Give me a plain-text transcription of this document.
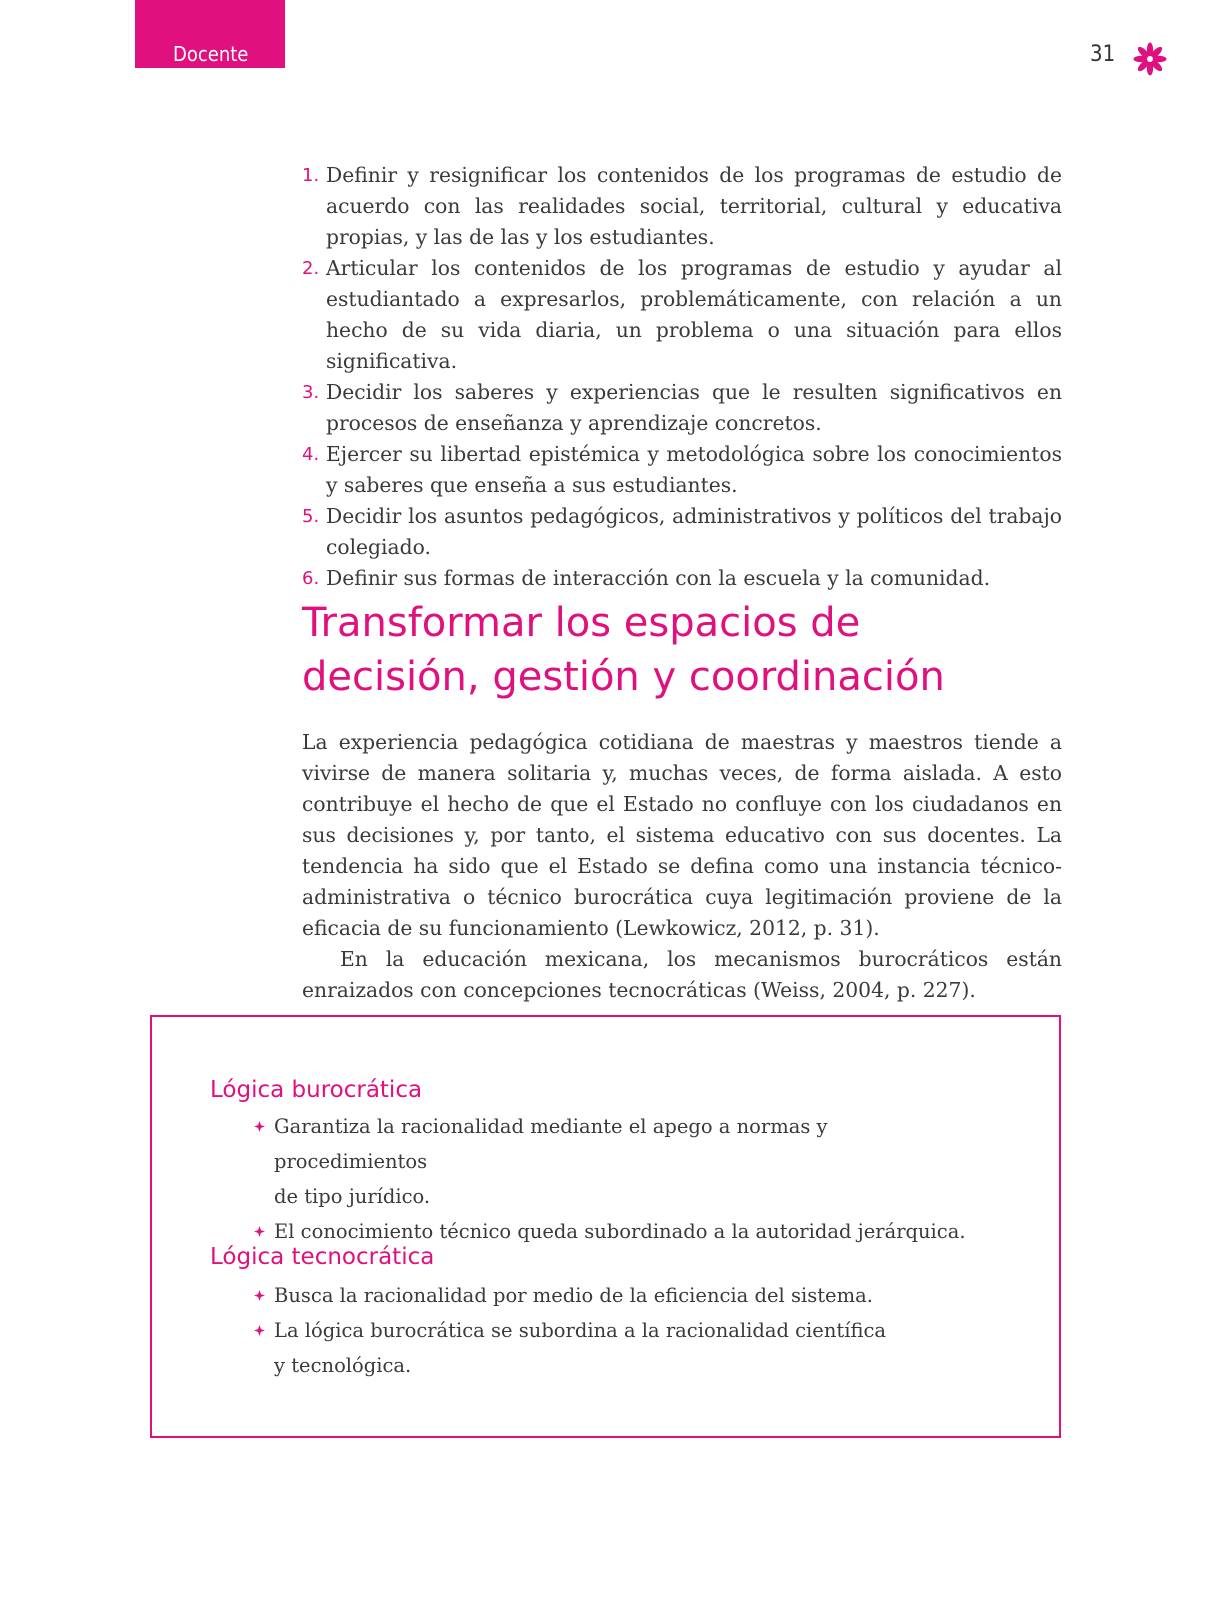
Docente	31
1. Definir y resignificar los contenidos de los programas de estudio de acuerdo con las realidades social, territorial, cultural y educativa propias, y las de las y los estudiantes.
2. Articular los contenidos de los programas de estudio y ayudar al estudiantado a expresarlos, problemáticamente, con relación a un hecho de su vida diaria, un problema o una situación para ellos significativa.
3. Decidir los saberes y experiencias que le resulten significativos en procesos de enseñanza y aprendizaje concretos.
4. Ejercer su libertad epistémica y metodológica sobre los conocimientos y saberes que enseña a sus estudiantes.
5. Decidir los asuntos pedagógicos, administrativos y políticos del trabajo colegiado.
6. Definir sus formas de interacción con la escuela y la comunidad.
Transformar los espacios de
decisión, gestión y coordinación

La experiencia pedagógica cotidiana de maestras y maestros tiende a vivirse de manera solitaria y, muchas veces, de forma aislada. A esto contribuye el hecho de que el Estado no confluye con los ciudadanos en sus decisiones y, por tanto, el sistema educativo con sus docentes. La tendencia ha sido que el Estado se defina como una instancia técnico-administrativa o técnico burocrática cuya legitimación proviene de la eficacia de su funcionamiento (Lewkowicz, 2012, p. 31).

En la educación mexicana, los mecanismos burocráticos están enraizados con concepciones tecnocráticas (Weiss, 2004, p. 227).

Lógica burocrática
Garantiza la racionalidad mediante el apego a normas y procedimientos
de tipo jurídico.
El conocimiento técnico queda subordinado a la autoridad jerárquica.
Lógica tecnocrática
Busca la racionalidad por medio de la eficiencia del sistema.
La lógica burocrática se subordina a la racionalidad científica
y tecnológica.
